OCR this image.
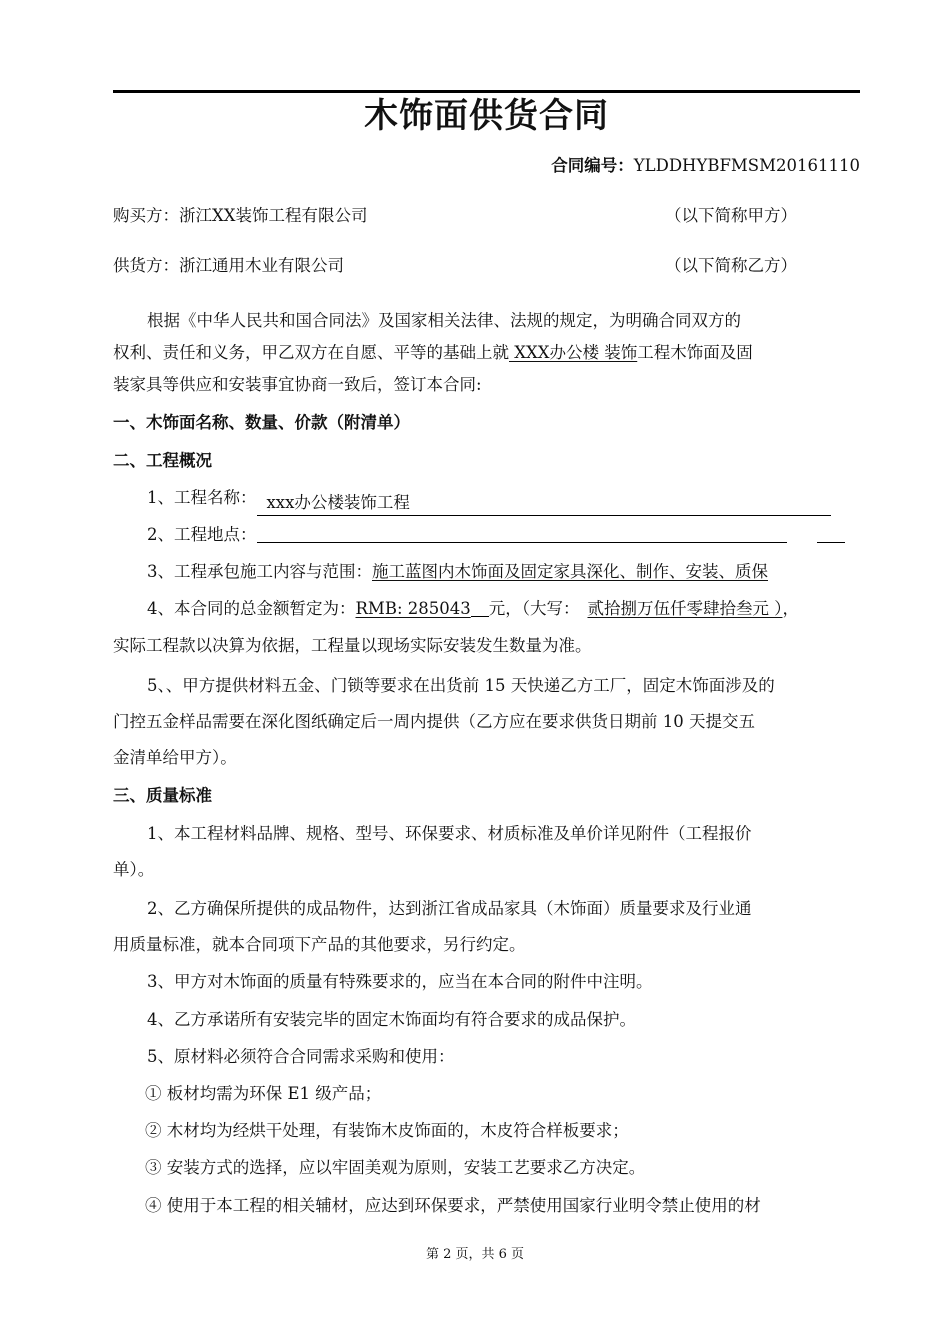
木饰面供货合同
合同编号：YLDDHYBFMSM20161110
购买方：浙江XX装饰工程有限公司	（以下简称甲方）
供货方：浙江通用木业有限公司	（以下简称乙方）
根据《中华人民共和国合同法》及国家相关法律、法规的规定，为明确合同双方的
权利、责任和义务，甲乙双方在自愿、平等的基础上就 XXX办公楼 装饰工程木饰面及固
装家具等供应和安装事宜协商一致后，签订本合同:
一、木饰面名称、数量、价款（附清单）
二、工程概况
1、工程名称： xxx办公楼装饰工程
2、工程地点：
3、工程承包施工内容与范围：施工蓝图内木饰面及固定家具深化、制作、安装、质保
4、本合同的总金额暂定为：RMB: 285043 元，（大写： 贰拾捌万伍仟零肆拾叁元 ），
实际工程款以决算为依据，工程量以现场实际安装发生数量为准。
5、、甲方提供材料五金、门锁等要求在出货前 15 天快递乙方工厂，固定木饰面涉及的
门控五金样品需要在深化图纸确定后一周内提供（乙方应在要求供货日期前 10 天提交五
金清单给甲方）。
三、质量标准
1、本工程材料品牌、规格、型号、环保要求、材质标准及单价详见附件（工程报价
单）。
2、乙方确保所提供的成品物件，达到浙江省成品家具（木饰面）质量要求及行业通
用质量标准，就本合同项下产品的其他要求，另行约定。
3、甲方对木饰面的质量有特殊要求的，应当在本合同的附件中注明。
4、乙方承诺所有安装完毕的固定木饰面均有符合要求的成品保护。
5、原材料必须符合合同需求采购和使用：
① 板材均需为环保 E1 级产品；
② 木材均为经烘干处理，有装饰木皮饰面的，木皮符合样板要求；
③ 安装方式的选择，应以牢固美观为原则，安装工艺要求乙方决定。
④ 使用于本工程的相关辅材，应达到环保要求，严禁使用国家行业明令禁止使用的材
第 2 页，共 6 页
